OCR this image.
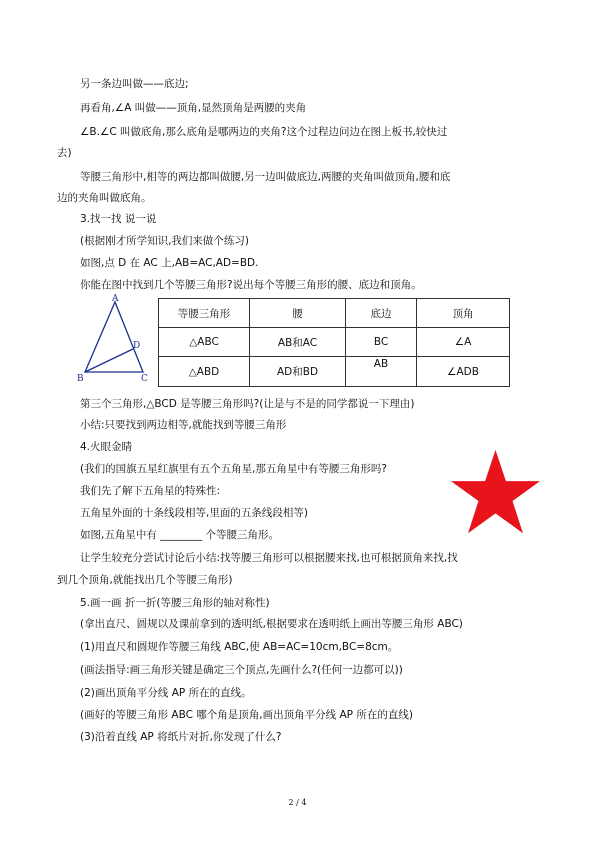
另一条边叫做——底边;
再看角,∠A 叫做——顶角,显然顶角是两腰的夹角
∠B.∠C 叫做底角,那么底角是哪两边的夹角?这个过程边问边在图上板书,较快过
去)
等腰三角形中,相等的两边都叫做腰,另一边叫做底边,两腰的夹角叫做顶角,腰和底
边的夹角叫做底角。
3.找一找 说一说
(根据刚才所学知识,我们来做个练习)
如图,点 D 在 AC 上,AB=AC,AD=BD.
你能在图中找到几个等腰三角形?说出每个等腰三角形的腰、底边和顶角。
A
B	C
D
等腰三角形	腰	底边	顶角
△ABC	AB和AC	BC	∠A
△ABD	AD和BD	AB	∠ADB
第三个三角形,△BCD 是等腰三角形吗?(让是与不是的同学都说一下理由)
小结:只要找到两边相等,就能找到等腰三角形
4.火眼金睛
(我们的国旗五星红旗里有五个五角星,那五角星中有等腰三角形吗?
我们先了解下五角星的特殊性:
五角星外面的十条线段相等,里面的五条线段相等)
如图,五角星中有 ________ 个等腰三角形。
让学生较充分尝试讨论后小结:找等腰三角形可以根据腰来找,也可根据顶角来找,找
到几个顶角,就能找出几个等腰三角形)
5.画一画 折一折(等腰三角形的轴对称性)
(拿出直尺、圆规以及课前拿到的透明纸,根据要求在透明纸上画出等腰三角形 ABC)
(1)用直尺和圆规作等腰三角线 ABC,使 AB=AC=10cm,BC=8cm。
(画法指导:画三角形关键是确定三个顶点,先画什么?(任何一边都可以))
(2)画出顶角平分线 AP 所在的直线。
(画好的等腰三角形 ABC 哪个角是顶角,画出顶角平分线 AP 所在的直线)
(3)沿着直线 AP 将纸片对折,你发现了什么?
2 / 4
